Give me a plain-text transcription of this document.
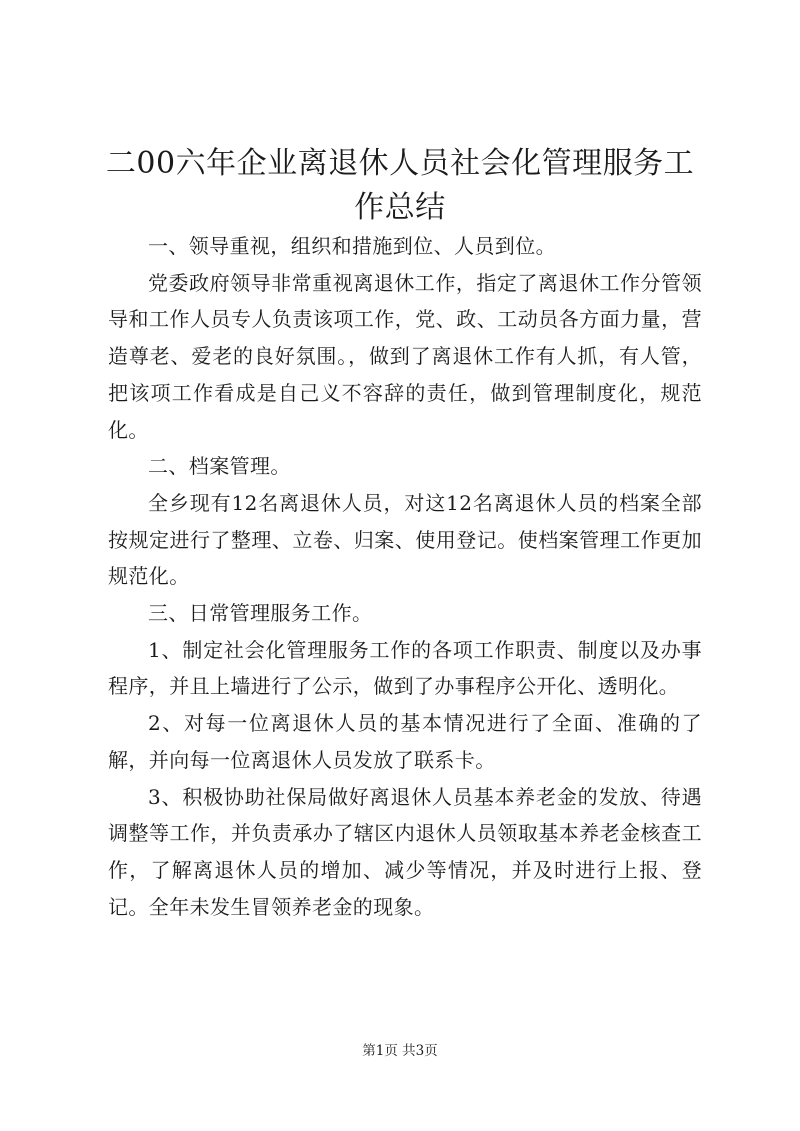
二00六年企业离退休人员社会化管理服务工作总结

一、领导重视，组织和措施到位、人员到位。

党委政府领导非常重视离退休工作，指定了离退休工作分管领导和工作人员专人负责该项工作，党、政、工动员各方面力量，营造尊老、爱老的良好氛围。，做到了离退休工作有人抓，有人管，把该项工作看成是自己义不容辞的责任，做到管理制度化，规范化。

二、档案管理。

全乡现有12名离退休人员，对这12名离退休人员的档案全部按规定进行了整理、立卷、归案、使用登记。使档案管理工作更加规范化。

三、日常管理服务工作。

1、制定社会化管理服务工作的各项工作职责、制度以及办事程序，并且上墙进行了公示，做到了办事程序公开化、透明化。

2、对每一位离退休人员的基本情况进行了全面、准确的了解，并向每一位离退休人员发放了联系卡。

3、积极协助社保局做好离退休人员基本养老金的发放、待遇调整等工作，并负责承办了辖区内退休人员领取基本养老金核查工作，了解离退休人员的增加、减少等情况，并及时进行上报、登记。全年未发生冒领养老金的现象。

第1页 共3页
